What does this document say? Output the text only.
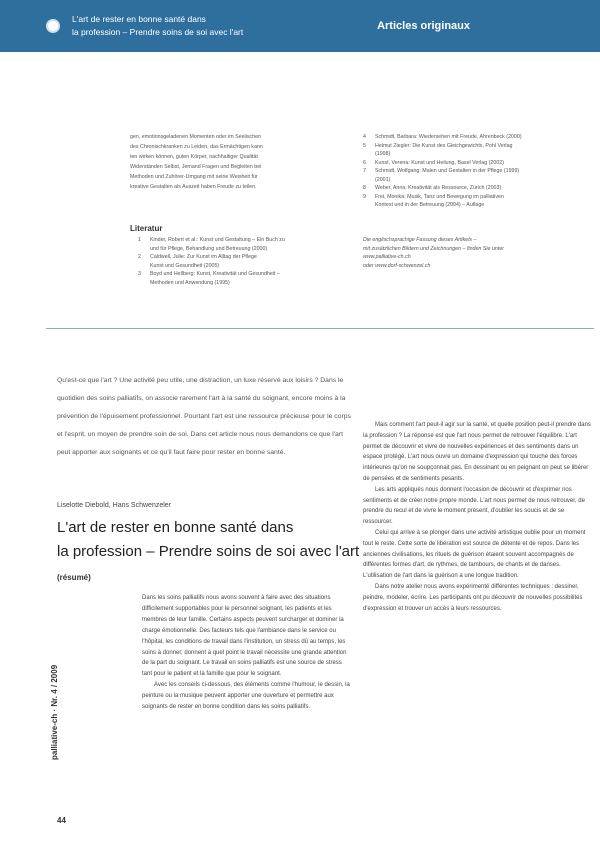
L'art de rester en bonne santé dans
la profession – Prendre soins de soi avec l'art	Articles originaux

gen, emotionsgeladenen Momenten oder im Seelischen

des Chronischkranken zu Leiden, das Ermächtigen kann

ten wirken können, guten Körper, nachhaltiger Qualität

Widerständen Selbst, Jemand Fragen und Begleiten bei

Methoden und Zuhörer-Umgang mit seine Weisheit für

kreative Gestalten als Auszeit haben Freude zu teilen.

Literatur
1 Kinder, Robert et al.: Kunst und Gestaltung – Ein Buch zu
und für Pflege, Behandlung und Betreuung (2000)
2 Caldwell, Julie: Zur Kunst im Alltag der Pflege
Kunst und Gesundheit (2005)
3 Boyd und Hellberg: Kunst, Kreativität und Gesundheit –
Methoden und Anwendung (1995)
4 Schmidt, Barbara: Wiedersehen mit Freude, Ahrenbeck (2000)
5 Helmut Ziegler: Die Kunst des Gleichgewichts, Pohl Verlag
(1998)
6 Kunst, Verena: Kunst und Heilung, Basel Verlag (2002)
7 Schmidt, Wolfgang: Malen und Gestalten in der Pflege (1999)
(2001)
8 Weber, Anna: Kreativität als Ressource, Zürich (2003)
9 Frei, Monika: Musik, Tanz und Bewegung im palliativen
Kontext und in der Betreuung (2004) – Auflage

Die englischsprachige Fassung dieses Artikels –

mit zusätzlichen Bildern und Zeichnungen – finden Sie unter

www.palliative-ch.ch

oder www.dorf-schwenzel.ch

Qu'est-ce que l'art ? Une activité peu utile, une distraction, un luxe réservé aux loisirs ? Dans le quotidien des soins palliatifs, on associe rarement l'art à la santé du soignant, encore moins à la prévention de l'épuisement professionnel. Pourtant l'art est une ressource précieuse pour le corps et l'esprit, un moyen de prendre soin de soi. Dans cet article nous nous demandons ce que l'art peut apporter aux soignants et ce qu'il faut faire pour rester en bonne santé.
Liselotte Diebold, Hans Schwenzeler
L'art de rester en bonne santé dans
la profession – Prendre soins de soi avec l'art
(résumé)

Dans les soins palliatifs nous avons souvent à faire avec des situations difficilement supportables pour le personnel soignant, les patients et les membres de leur famille. Certains aspects peuvent surcharger et dominer la charge émotionnelle. Des facteurs tels que l'ambiance dans le service ou l'hôpital, les conditions de travail dans l'institution, un stress dû au temps, les soins à donner, donnent à quel point le travail nécessite une grande attention de la part du soignant. Le travail en soins palliatifs est une source de stress tant pour le patient et la famille que pour le soignant.

Avec les conseils ci-dessous, des éléments comme l'humour, le dessin, la peinture ou la musique peuvent apporter une ouverture et permettre aux soignants de rester en bonne condition dans les soins palliatifs.

Mais comment l'art peut-il agir sur la santé, et quelle position peut-il prendre dans la profession ? La réponse est que l'art nous permet de retrouver l'équilibre. L'art permet de découvrir et vivre de nouvelles expériences et des sentiments dans un espace protégé. L'art nous ouvre un domaine d'expression qui touche des forces intérieures qu'on ne soupçonnait pas. En dessinant ou en peignant on peut se libérer de pensées et de sentiments pesants.

Les arts appliqués nous donnent l'occasion de découvrir et d'exprimer nos sentiments et de créer notre propre monde. L'art nous permet de nous retrouver, de prendre du recul et de vivre le moment présent, d'oublier les soucis et de se ressourcer.

Celui qui arrive à se plonger dans une activité artistique oublie pour un moment tout le reste. Cette sorte de libération est source de détente et de repos. Dans les anciennes civilisations, les rituels de guérison étaient souvent accompagnés de différentes formes d'art, de rythmes, de tambours, de chants et de danses. L'utilisation de l'art dans la guérison a une longue tradition.

Dans notre atelier nous avons expérimenté différentes techniques : dessiner, peindre, modeler, écrire. Les participants ont pu découvrir de nouvelles possibilités d'expression et trouver un accès à leurs ressources.

palliative-ch · Nr. 4 / 2009
44
